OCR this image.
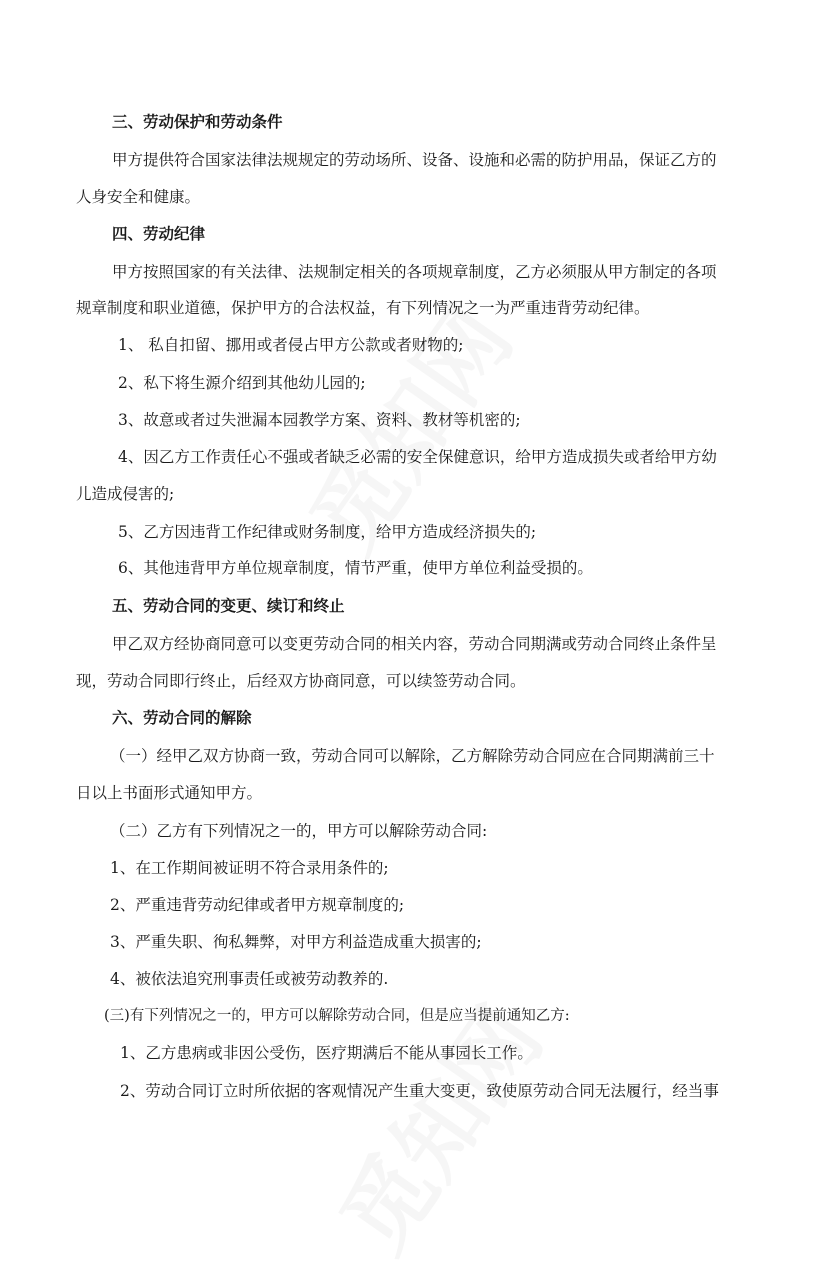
三、劳动保护和劳动条件
甲方提供符合国家法律法规规定的劳动场所、设备、设施和必需的防护用品，保证乙方的
人身安全和健康。
四、劳动纪律
甲方按照国家的有关法律、法规制定相关的各项规章制度，乙方必须服从甲方制定的各项
规章制度和职业道德，保护甲方的合法权益，有下列情况之一为严重违背劳动纪律。
1、 私自扣留、挪用或者侵占甲方公款或者财物的;
2、私下将生源介绍到其他幼儿园的;
3、故意或者过失泄漏本园教学方案、资料、教材等机密的;
4、因乙方工作责任心不强或者缺乏必需的安全保健意识，给甲方造成损失或者给甲方幼
儿造成侵害的;
5、乙方因违背工作纪律或财务制度，给甲方造成经济损失的;
6、其他违背甲方单位规章制度，情节严重，使甲方单位利益受损的。
五、劳动合同的变更、续订和终止
甲乙双方经协商同意可以变更劳动合同的相关内容，劳动合同期满或劳动合同终止条件呈
现，劳动合同即行终止，后经双方协商同意，可以续签劳动合同。
六、劳动合同的解除
（一）经甲乙双方协商一致，劳动合同可以解除，乙方解除劳动合同应在合同期满前三十
日以上书面形式通知甲方。
（二）乙方有下列情况之一的，甲方可以解除劳动合同:
1、在工作期间被证明不符合录用条件的;
2、严重违背劳动纪律或者甲方规章制度的;
3、严重失职、徇私舞弊，对甲方利益造成重大损害的;
4、被依法追究刑事责任或被劳动教养的.
(三)有下列情况之一的，甲方可以解除劳动合同，但是应当提前通知乙方:
1、乙方患病或非因公受伤，医疗期满后不能从事园长工作。
2、劳动合同订立时所依据的客观情况产生重大变更，致使原劳动合同无法履行，经当事
